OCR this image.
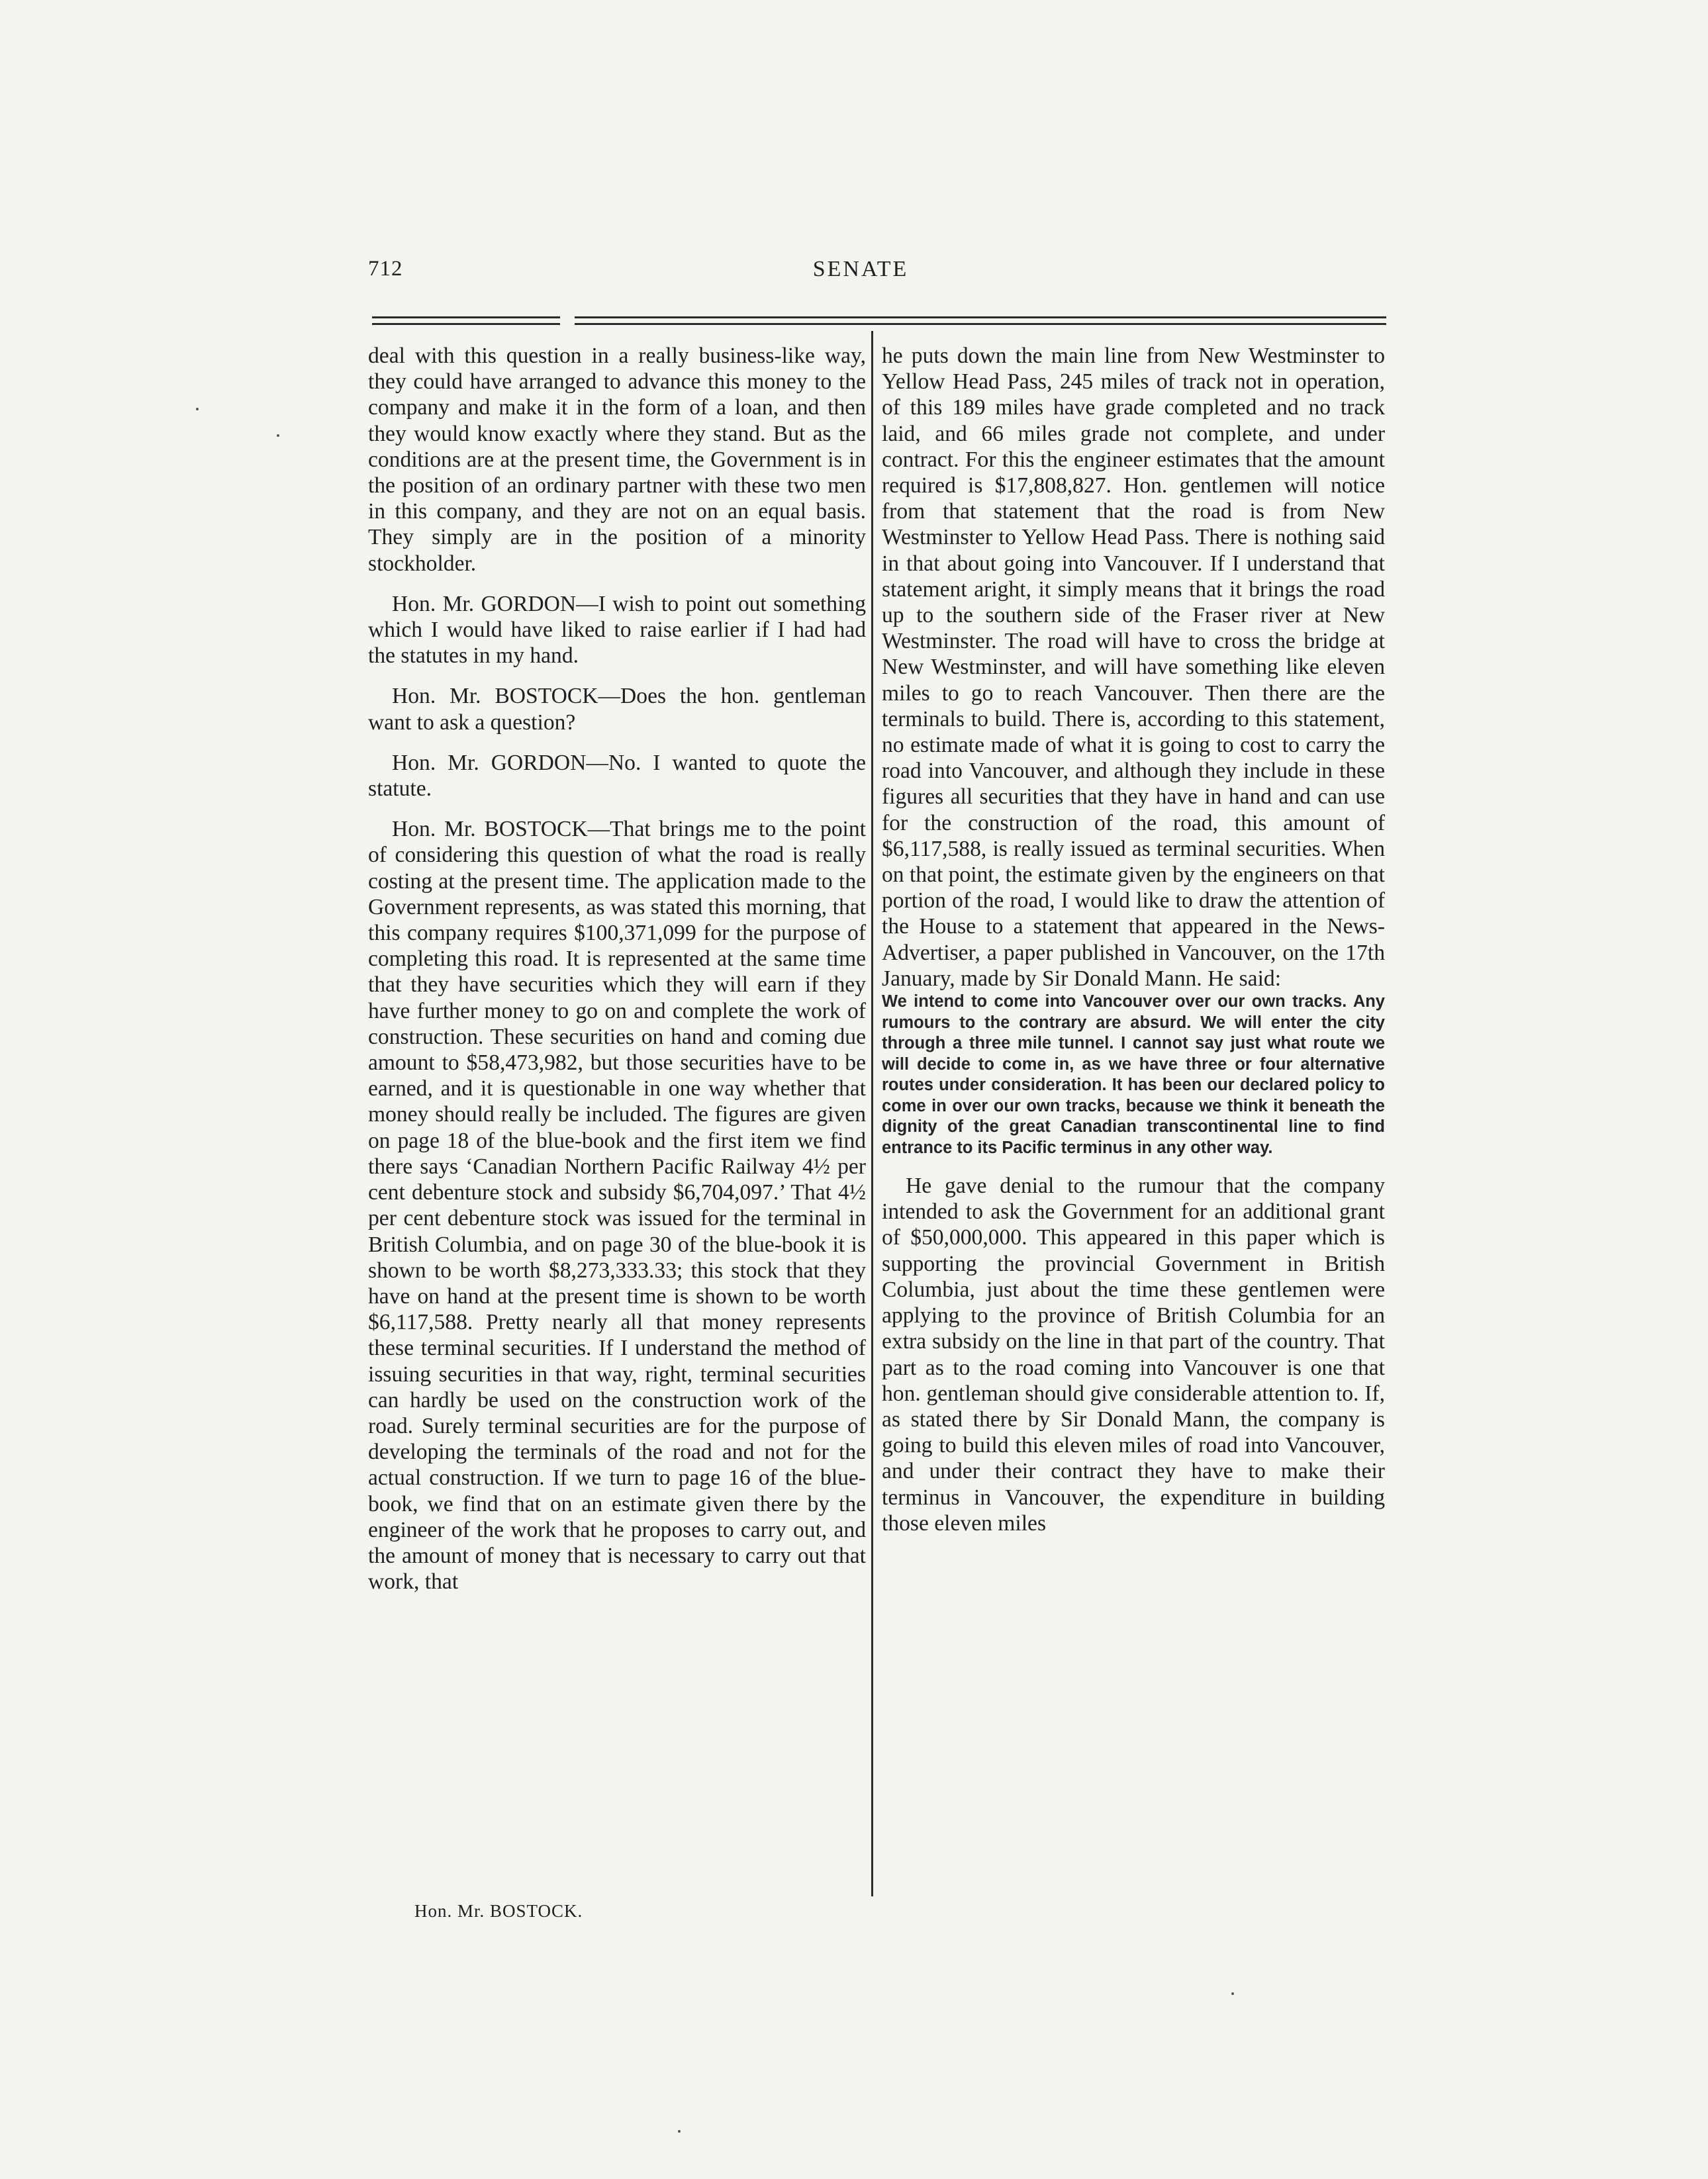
712	SENATE

deal with this question in a really business-like way, they could have arranged to advance this money to the company and make it in the form of a loan, and then they would know exactly where they stand. But as the conditions are at the present time, the Government is in the position of an ordinary partner with these two men in this company, and they are not on an equal basis. They simply are in the position of a minority stockholder.

Hon. Mr. GORDON—I wish to point out something which I would have liked to raise earlier if I had had the statutes in my hand.

Hon. Mr. BOSTOCK—Does the hon. gentleman want to ask a question?

Hon. Mr. GORDON—No. I wanted to quote the statute.

Hon. Mr. BOSTOCK—That brings me to the point of considering this question of what the road is really costing at the present time. The application made to the Government represents, as was stated this morning, that this company requires $100,371,099 for the purpose of completing this road. It is represented at the same time that they have securities which they will earn if they have further money to go on and complete the work of construction. These securities on hand and coming due amount to $58,473,982, but those securities have to be earned, and it is questionable in one way whether that money should really be included. The figures are given on page 18 of the blue-book and the first item we find there says ‘Canadian Northern Pacific Railway 4½ per cent debenture stock and subsidy $6,704,097.’ That 4½ per cent debenture stock was issued for the terminal in British Columbia, and on page 30 of the blue-book it is shown to be worth $8,273,333.33; this stock that they have on hand at the present time is shown to be worth $6,117,588. Pretty nearly all that money represents these terminal securities. If I understand the method of issuing securities in that way, right, terminal securities can hardly be used on the construction work of the road. Surely terminal securities are for the purpose of developing the terminals of the road and not for the actual construction. If we turn to page 16 of the blue-book, we find that on an estimate given there by the engineer of the work that he proposes to carry out, and the amount of money that is necessary to carry out that work, that

he puts down the main line from New Westminster to Yellow Head Pass, 245 miles of track not in operation, of this 189 miles have grade completed and no track laid, and 66 miles grade not complete, and under contract. For this the engineer estimates that the amount required is $17,808,827. Hon. gentlemen will notice from that statement that the road is from New Westminster to Yellow Head Pass. There is nothing said in that about going into Vancouver. If I understand that statement aright, it simply means that it brings the road up to the southern side of the Fraser river at New Westminster. The road will have to cross the bridge at New Westminster, and will have something like eleven miles to go to reach Vancouver. Then there are the terminals to build. There is, according to this statement, no estimate made of what it is going to cost to carry the road into Vancouver, and although they include in these figures all securities that they have in hand and can use for the construction of the road, this amount of $6,117,588, is really issued as terminal securities. When on that point, the estimate given by the engineers on that portion of the road, I would like to draw the attention of the House to a statement that appeared in the News-Advertiser, a paper published in Vancouver, on the 17th January, made by Sir Donald Mann. He said:

We intend to come into Vancouver over our own tracks. Any rumours to the contrary are absurd. We will enter the city through a three mile tunnel. I cannot say just what route we will decide to come in, as we have three or four alternative routes under consideration. It has been our declared policy to come in over our own tracks, because we think it beneath the dignity of the great Canadian transcontinental line to find entrance to its Pacific terminus in any other way.

He gave denial to the rumour that the company intended to ask the Government for an additional grant of $50,000,000. This appeared in this paper which is supporting the provincial Government in British Columbia, just about the time these gentlemen were applying to the province of British Columbia for an extra subsidy on the line in that part of the country. That part as to the road coming into Vancouver is one that hon. gentleman should give considerable attention to. If, as stated there by Sir Donald Mann, the company is going to build this eleven miles of road into Vancouver, and under their contract they have to make their terminus in Vancouver, the expenditure in building those eleven miles

Hon. Mr. BOSTOCK.
